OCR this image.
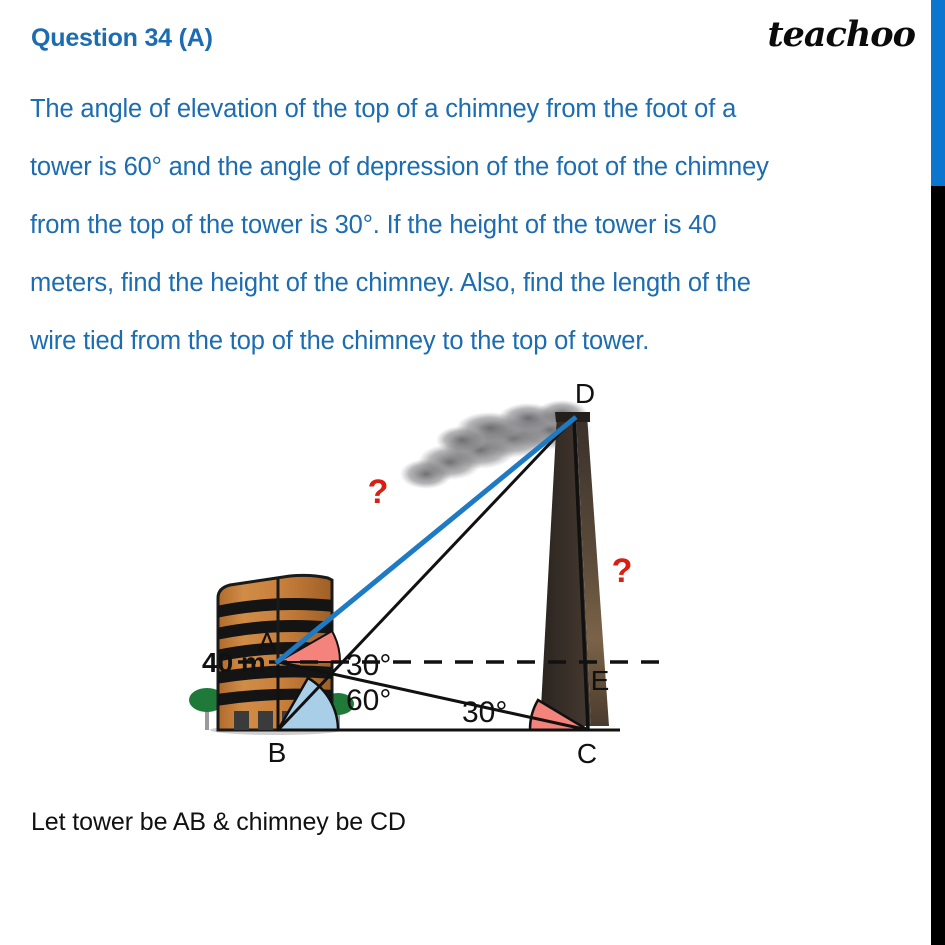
Question 34 (A)	teachoo
The angle of elevation of the top of a chimney from the foot of a
tower is 60° and the angle of depression of the foot of the chimney
from the top of the tower is 30°. If the height of the tower is 40
meters, find the height of the chimney. Also, find the length of the
wire tied from the top of the chimney to the top of tower.
A
B	C
D
E
30°
60° 30°
40 m
?
?
Let tower be AB & chimney be CD
